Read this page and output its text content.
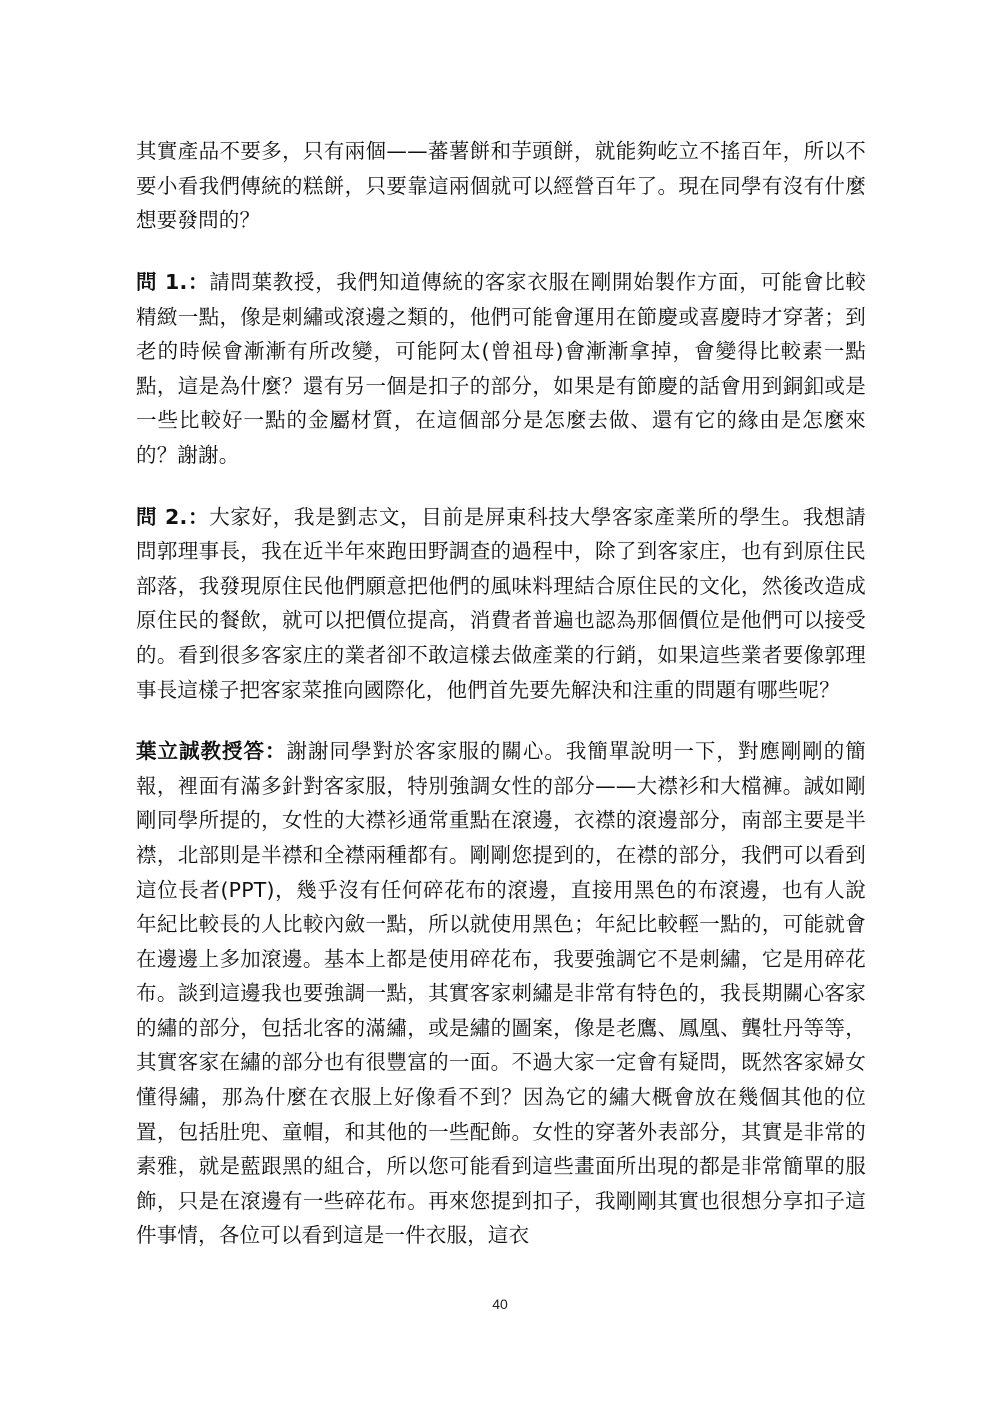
其實產品不要多，只有兩個——蕃薯餅和芋頭餅，就能夠屹立不搖百年，所以不要小看我們傳統的糕餅，只要靠這兩個就可以經營百年了。現在同學有沒有什麼想要發問的？

問 1.：請問葉教授，我們知道傳統的客家衣服在剛開始製作方面，可能會比較精緻一點，像是刺繡或滾邊之類的，他們可能會運用在節慶或喜慶時才穿著；到老的時候會漸漸有所改變，可能阿太(曾祖母)會漸漸拿掉，會變得比較素一點點，這是為什麼？還有另一個是扣子的部分，如果是有節慶的話會用到銅釦或是一些比較好一點的金屬材質，在這個部分是怎麼去做、還有它的緣由是怎麼來的？謝謝。

問 2.：大家好，我是劉志文，目前是屏東科技大學客家產業所的學生。我想請問郭理事長，我在近半年來跑田野調查的過程中，除了到客家庄，也有到原住民部落，我發現原住民他們願意把他們的風味料理結合原住民的文化，然後改造成原住民的餐飲，就可以把價位提高，消費者普遍也認為那個價位是他們可以接受的。看到很多客家庄的業者卻不敢這樣去做產業的行銷，如果這些業者要像郭理事長這樣子把客家菜推向國際化，他們首先要先解決和注重的問題有哪些呢？

葉立誠教授答：謝謝同學對於客家服的關心。我簡單說明一下，對應剛剛的簡報，裡面有滿多針對客家服，特別強調女性的部分——大襟衫和大檔褲。誠如剛剛同學所提的，女性的大襟衫通常重點在滾邊，衣襟的滾邊部分，南部主要是半襟，北部則是半襟和全襟兩種都有。剛剛您提到的，在襟的部分，我們可以看到這位長者(PPT)，幾乎沒有任何碎花布的滾邊，直接用黑色的布滾邊，也有人說年紀比較長的人比較內斂一點，所以就使用黑色；年紀比較輕一點的，可能就會在邊邊上多加滾邊。基本上都是使用碎花布，我要強調它不是刺繡，它是用碎花布。談到這邊我也要強調一點，其實客家刺繡是非常有特色的，我長期關心客家的繡的部分，包括北客的滿繡，或是繡的圖案，像是老鷹、鳳凰、龔牡丹等等，其實客家在繡的部分也有很豐富的一面。不過大家一定會有疑問，既然客家婦女懂得繡，那為什麼在衣服上好像看不到？因為它的繡大概會放在幾個其他的位置，包括肚兜、童帽，和其他的一些配飾。女性的穿著外表部分，其實是非常的素雅，就是藍跟黑的組合，所以您可能看到這些畫面所出現的都是非常簡單的服飾，只是在滾邊有一些碎花布。再來您提到扣子，我剛剛其實也很想分享扣子這件事情，各位可以看到這是一件衣服，這衣

40
